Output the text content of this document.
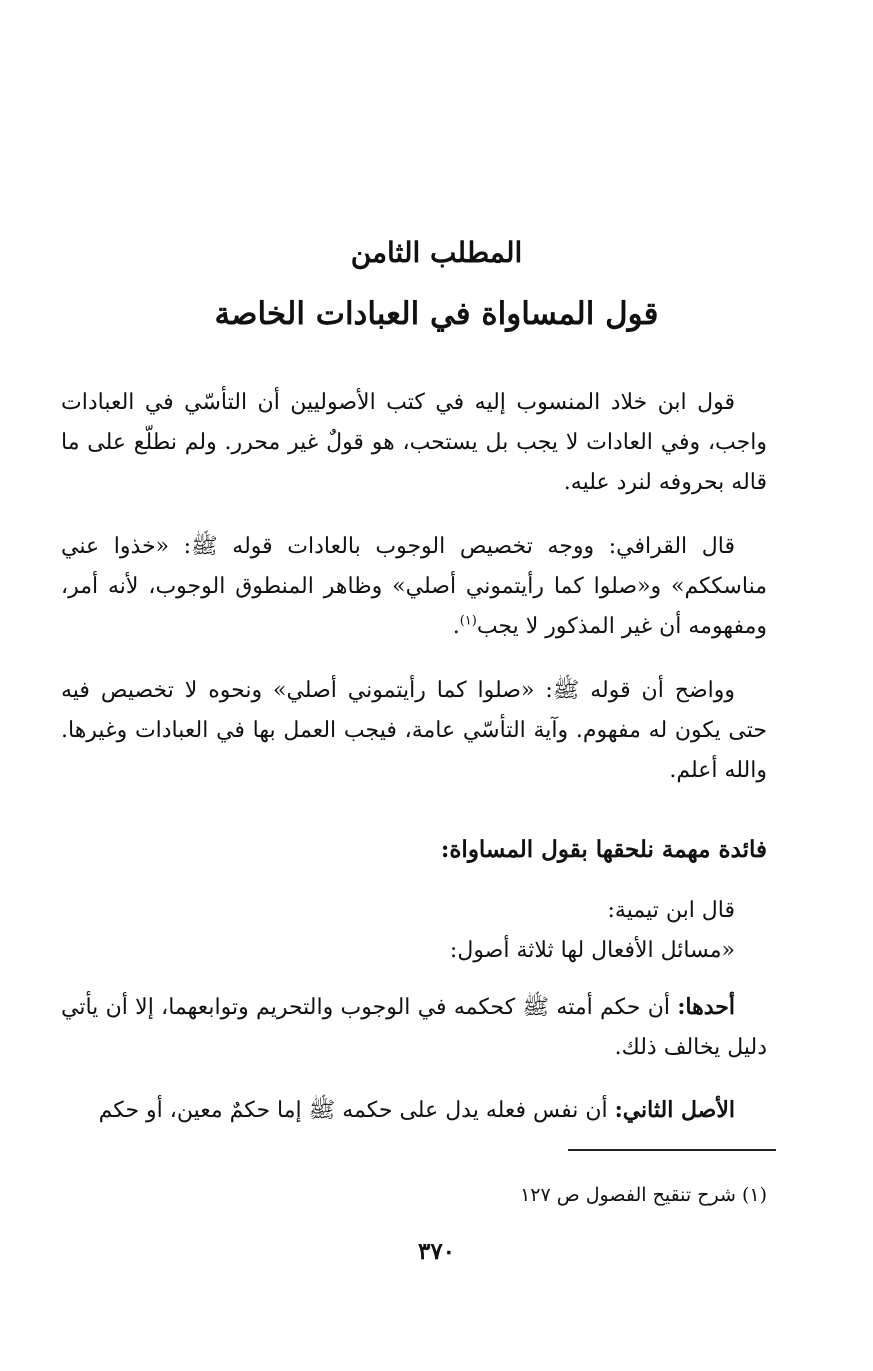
المطلب الثامن
قول المساواة في العبادات الخاصة

قول ابن خلاد المنسوب إليه في كتب الأصوليين أن التأسّي في العبادات واجب، وفي العادات لا يجب بل يستحب، هو قولٌ غير محرر. ولم نطلّع على ما قاله بحروفه لنرد عليه.

قال القرافي: ووجه تخصيص الوجوب بالعادات قوله ﷺ: «خذوا عني مناسككم» و«صلوا كما رأيتموني أصلي» وظاهر المنطوق الوجوب، لأنه أمر، ومفهومه أن غير المذكور لا يجب$^{(١)}$.

وواضح أن قوله ﷺ: «صلوا كما رأيتموني أصلي» ونحوه لا تخصيص فيه حتى يكون له مفهوم. وآية التأسّي عامة، فيجب العمل بها في العبادات وغيرها. والله أعلم.

فائدة مهمة نلحقها بقول المساواة:

قال ابن تيمية:

«مسائل الأفعال لها ثلاثة أصول:

أحدها: أن حكم أمته ﷺ كحكمه في الوجوب والتحريم وتوابعهما، إلا أن يأتي دليل يخالف ذلك.

الأصل الثاني: أن نفس فعله يدل على حكمه ﷺ إما حكمٌ معين، أو حكم

(١) شرح تنقيح الفصول ص ١٢٧
٣٧٠
